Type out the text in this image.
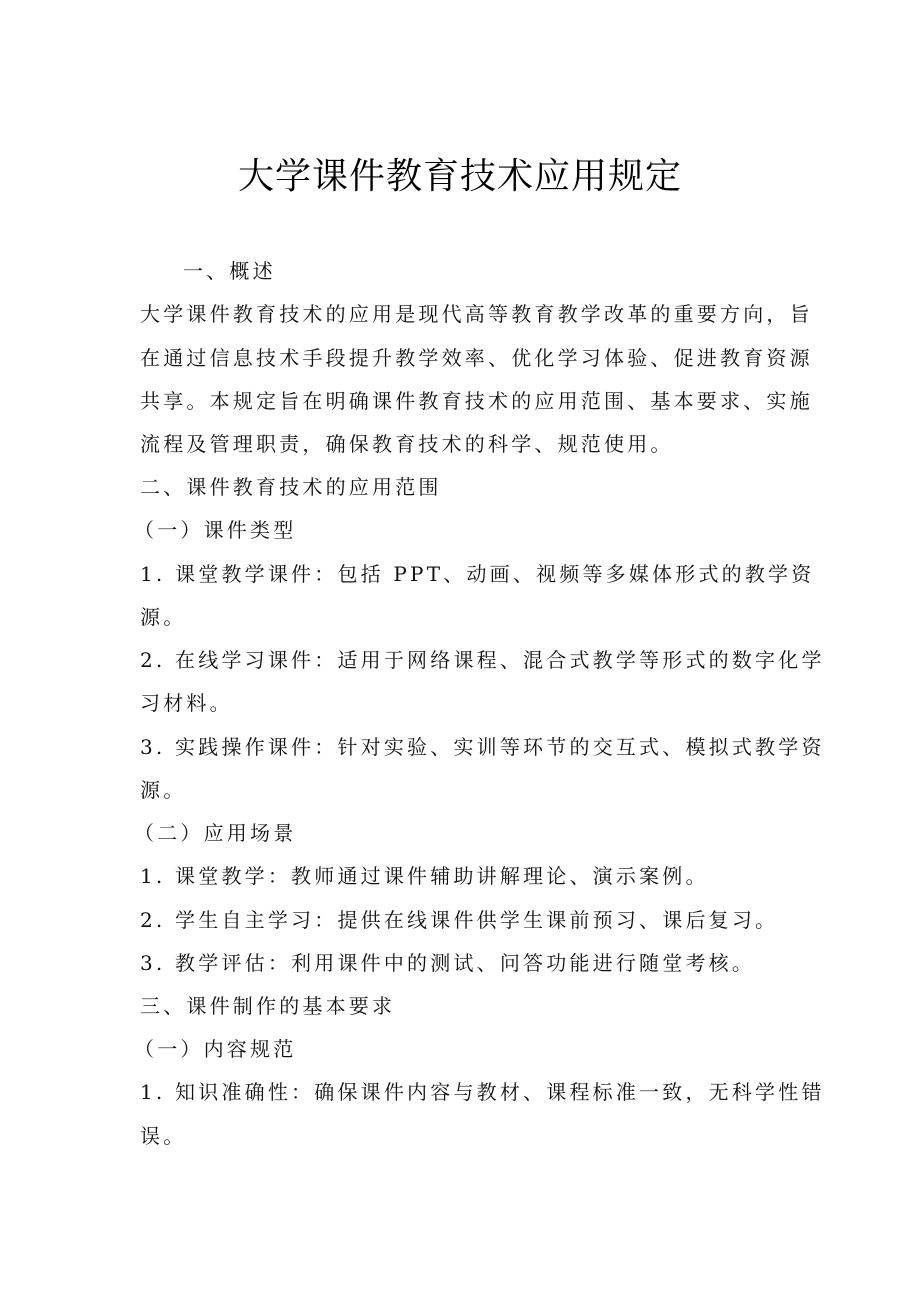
大学课件教育技术应用规定
一、概述
大学课件教育技术的应用是现代高等教育教学改革的重要方向，旨
在通过信息技术手段提升教学效率、优化学习体验、促进教育资源
共享。本规定旨在明确课件教育技术的应用范围、基本要求、实施
流程及管理职责，确保教育技术的科学、规范使用。
二、课件教育技术的应用范围
（一）课件类型
1. 课堂教学课件：包括 PPT、动画、视频等多媒体形式的教学资
源。
2. 在线学习课件：适用于网络课程、混合式教学等形式的数字化学
习材料。
3. 实践操作课件：针对实验、实训等环节的交互式、模拟式教学资
源。
（二）应用场景
1. 课堂教学：教师通过课件辅助讲解理论、演示案例。
2. 学生自主学习：提供在线课件供学生课前预习、课后复习。
3. 教学评估：利用课件中的测试、问答功能进行随堂考核。
三、课件制作的基本要求
（一）内容规范
1. 知识准确性：确保课件内容与教材、课程标准一致，无科学性错
误。
